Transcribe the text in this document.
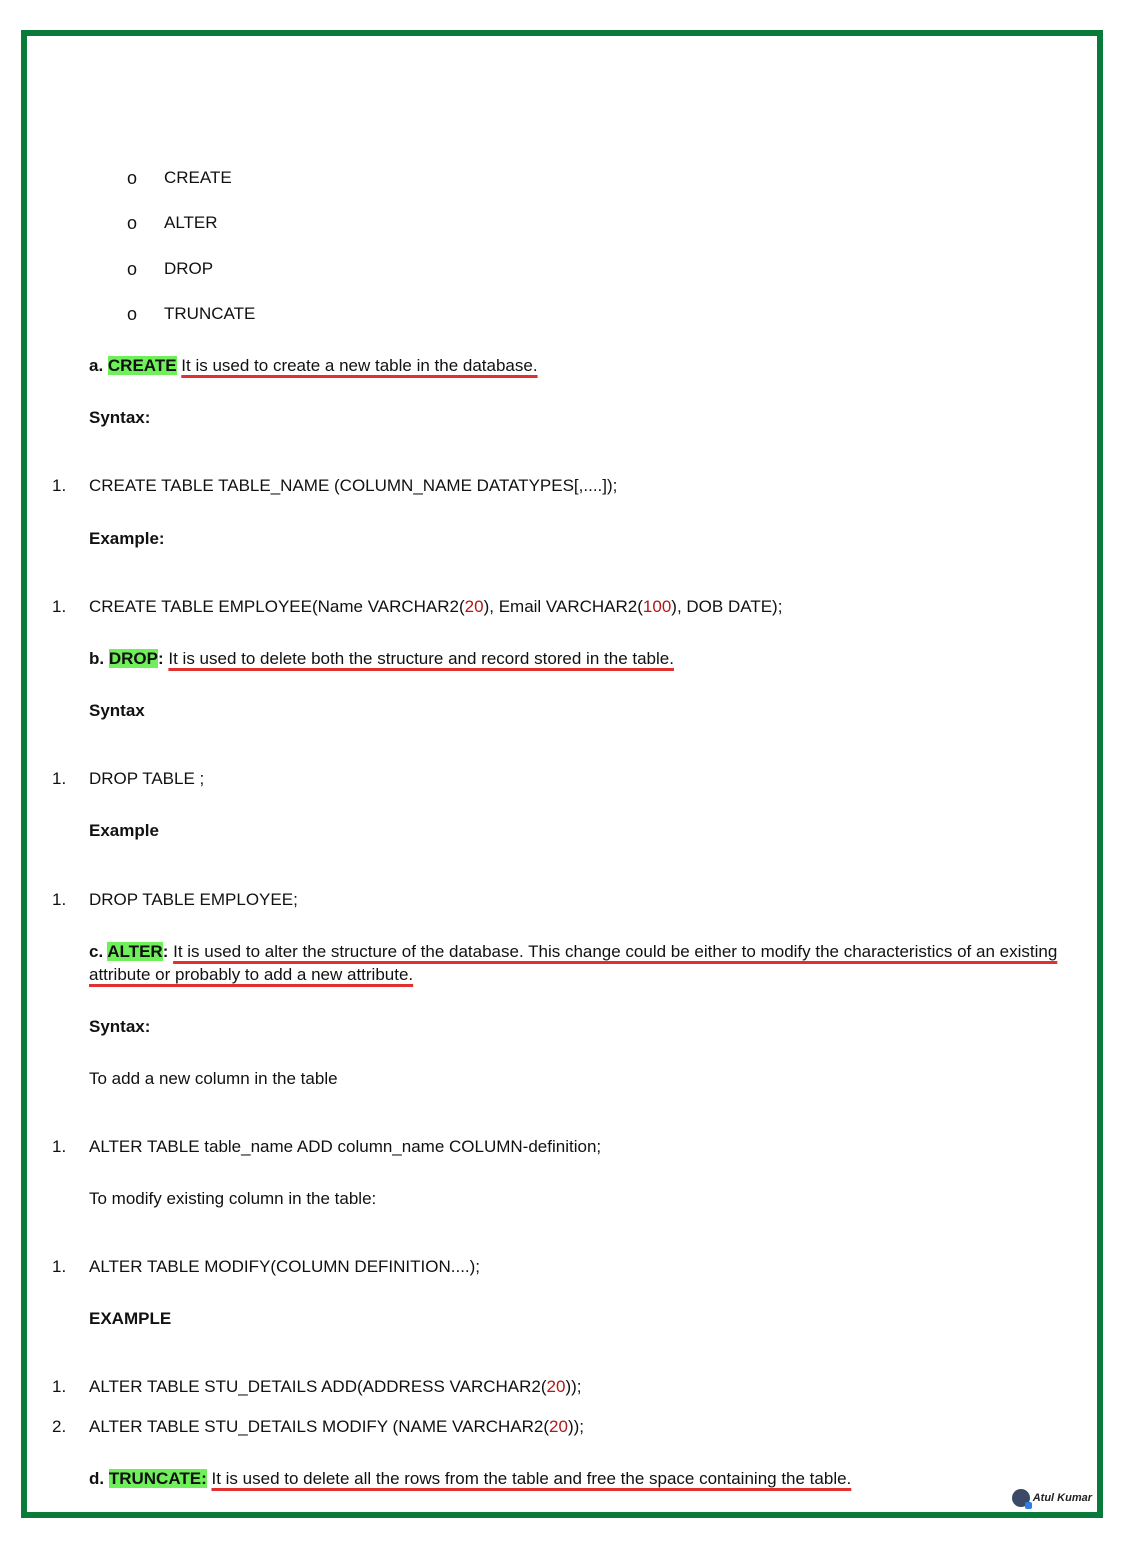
o CREATE
o ALTER
o DROP
o TRUNCATE
a. CREATE It is used to create a new table in the database.
Syntax:
1.	CREATE TABLE TABLE_NAME (COLUMN_NAME DATATYPES[,....]);
Example:
1.	CREATE TABLE EMPLOYEE(Name VARCHAR2(20), Email VARCHAR2(100), DOB DATE);
b. DROP: It is used to delete both the structure and record stored in the table.
Syntax
1.	DROP TABLE ;
Example
1.	DROP TABLE EMPLOYEE;
c. ALTER: It is used to alter the structure of the database. This change could be either to modify the characteristics of an existing
attribute or probably to add a new attribute.
Syntax:
To add a new column in the table
1.	ALTER TABLE table_name ADD column_name COLUMN-definition;
To modify existing column in the table:
1.	ALTER TABLE MODIFY(COLUMN DEFINITION....);
EXAMPLE
1.	ALTER TABLE STU_DETAILS ADD(ADDRESS VARCHAR2(20));
2.	ALTER TABLE STU_DETAILS MODIFY (NAME VARCHAR2(20));
d. TRUNCATE: It is used to delete all the rows from the table and free the space containing the table.
Atul Kumar
